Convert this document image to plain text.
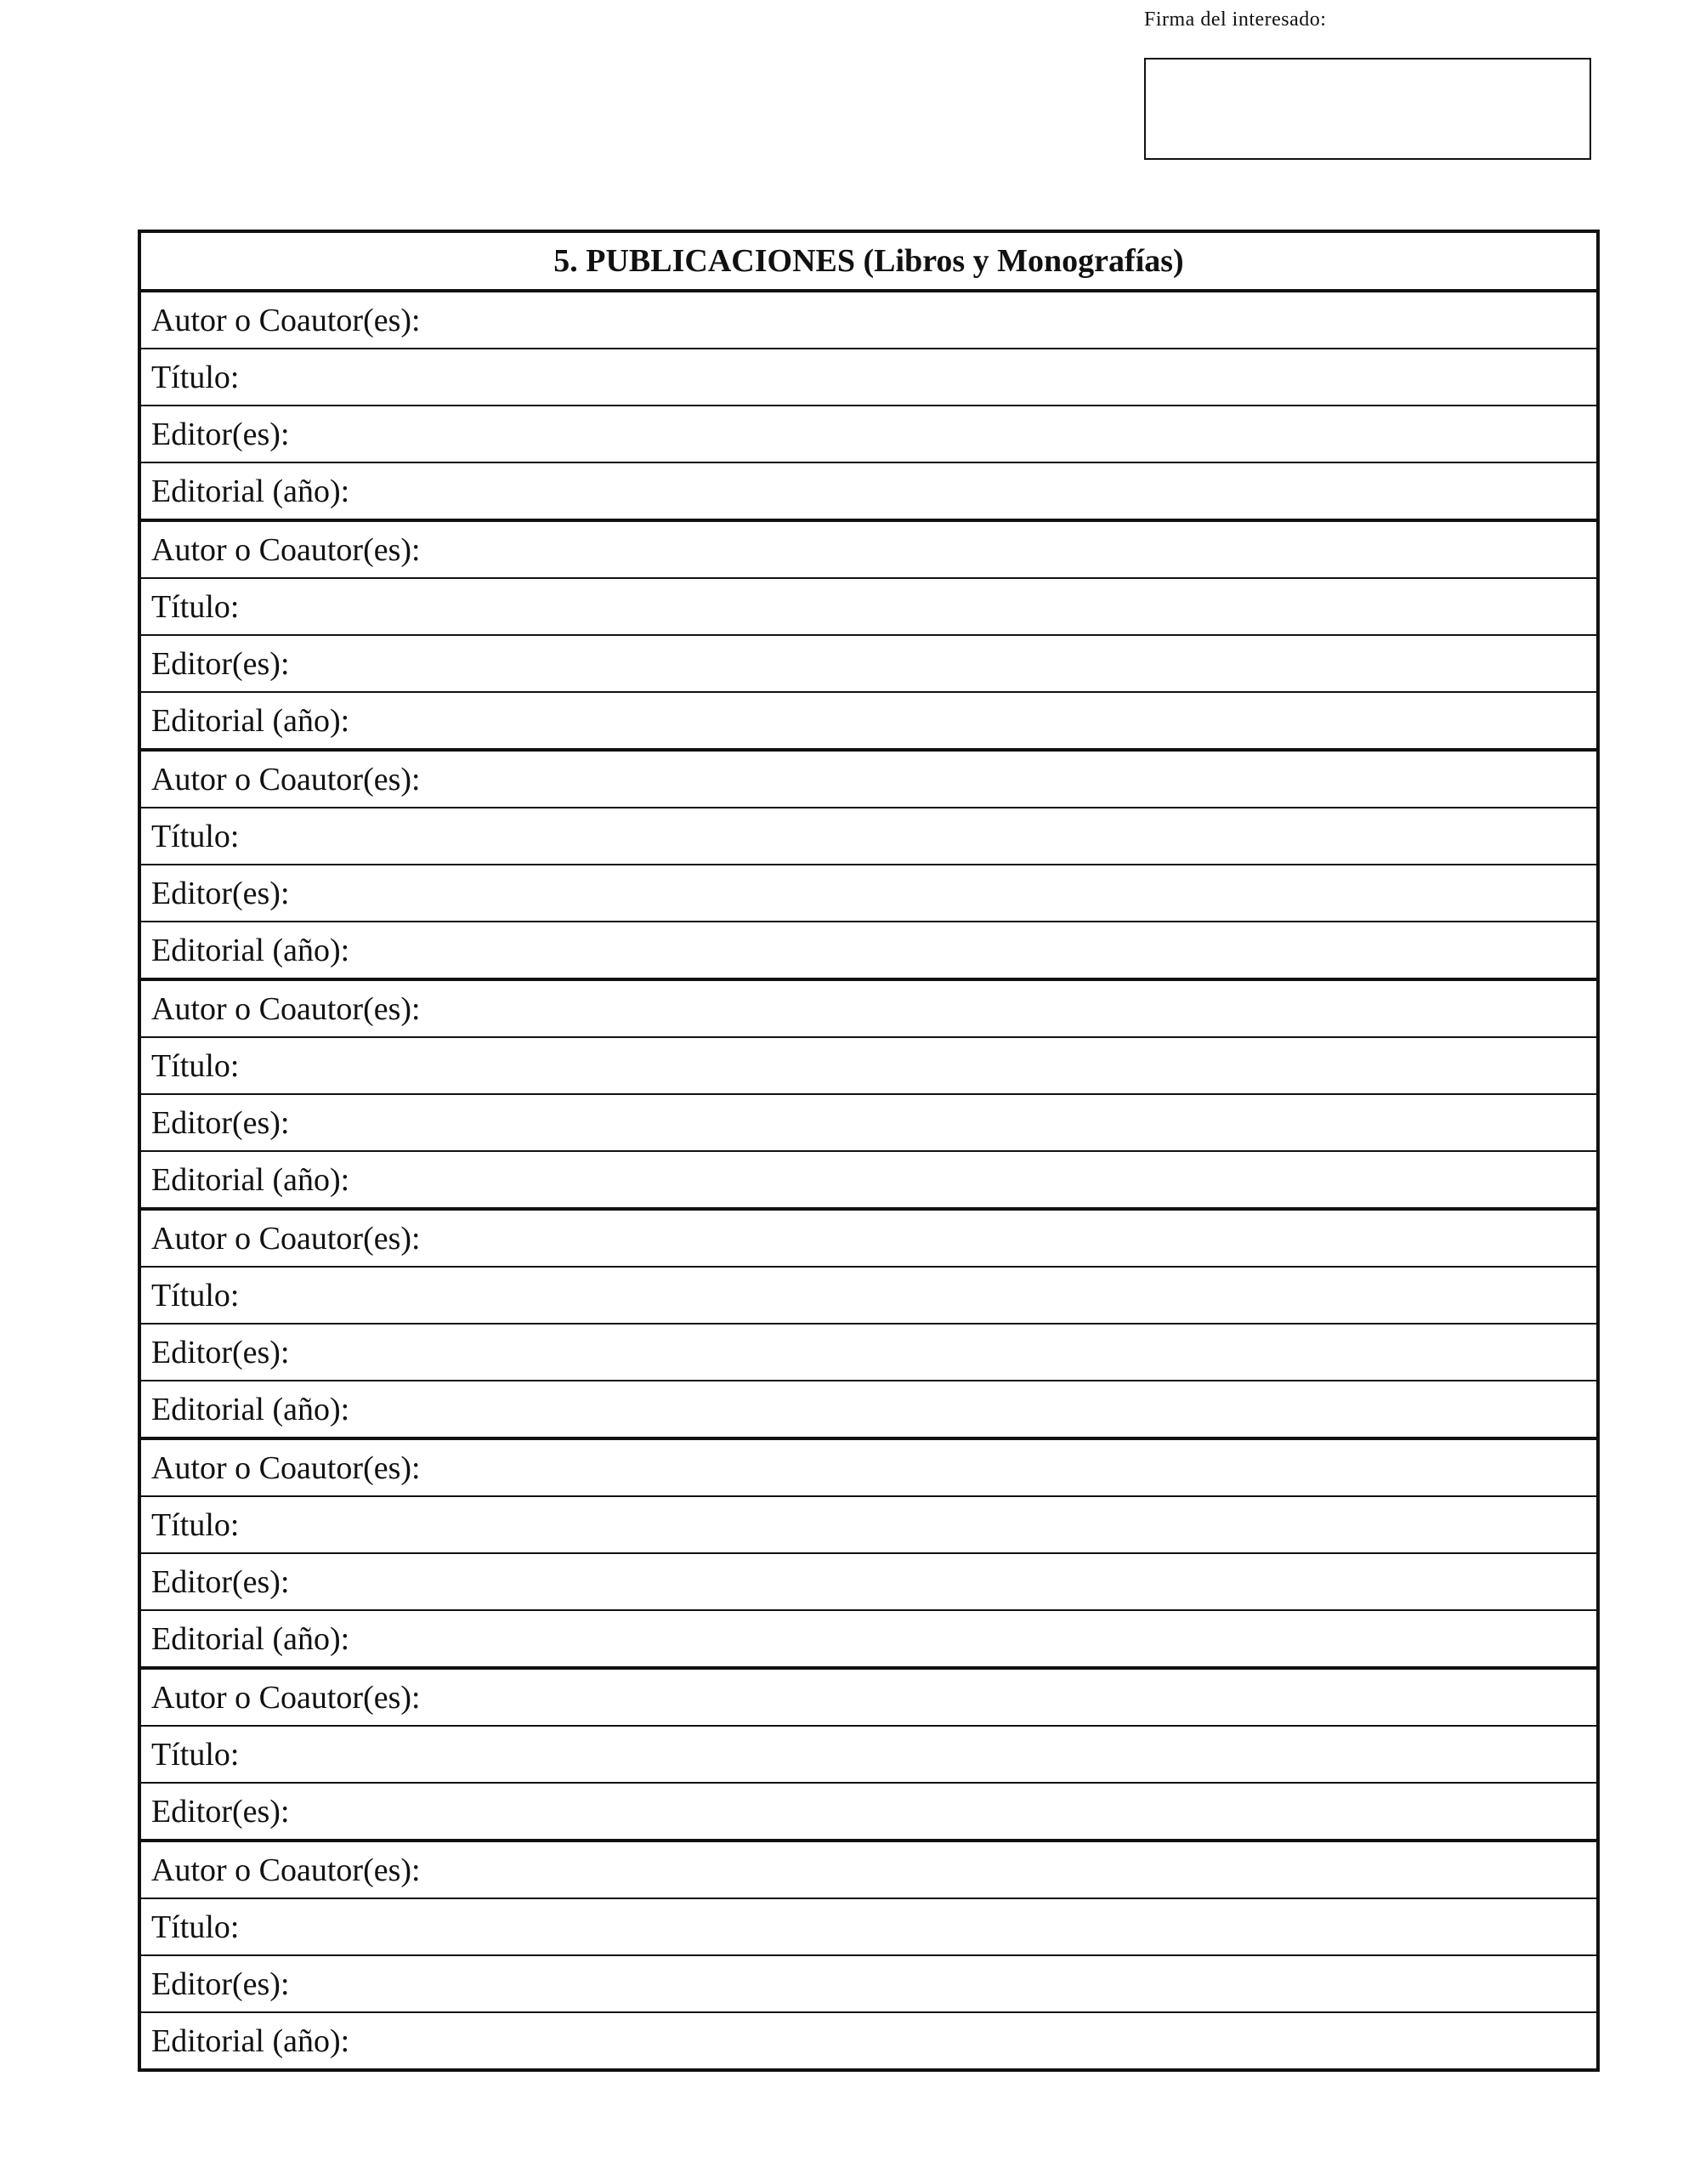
Firma del interesado:
5. PUBLICACIONES (Libros y Monografías)
Autor o Coautor(es):
Título:
Editor(es):
Editorial (año):
Autor o Coautor(es):
Título:
Editor(es):
Editorial (año):
Autor o Coautor(es):
Título:
Editor(es):
Editorial (año):
Autor o Coautor(es):
Título:
Editor(es):
Editorial (año):
Autor o Coautor(es):
Título:
Editor(es):
Editorial (año):
Autor o Coautor(es):
Título:
Editor(es):
Editorial (año):
Autor o Coautor(es):
Título:
Editor(es):
Autor o Coautor(es):
Título:
Editor(es):
Editorial (año):
